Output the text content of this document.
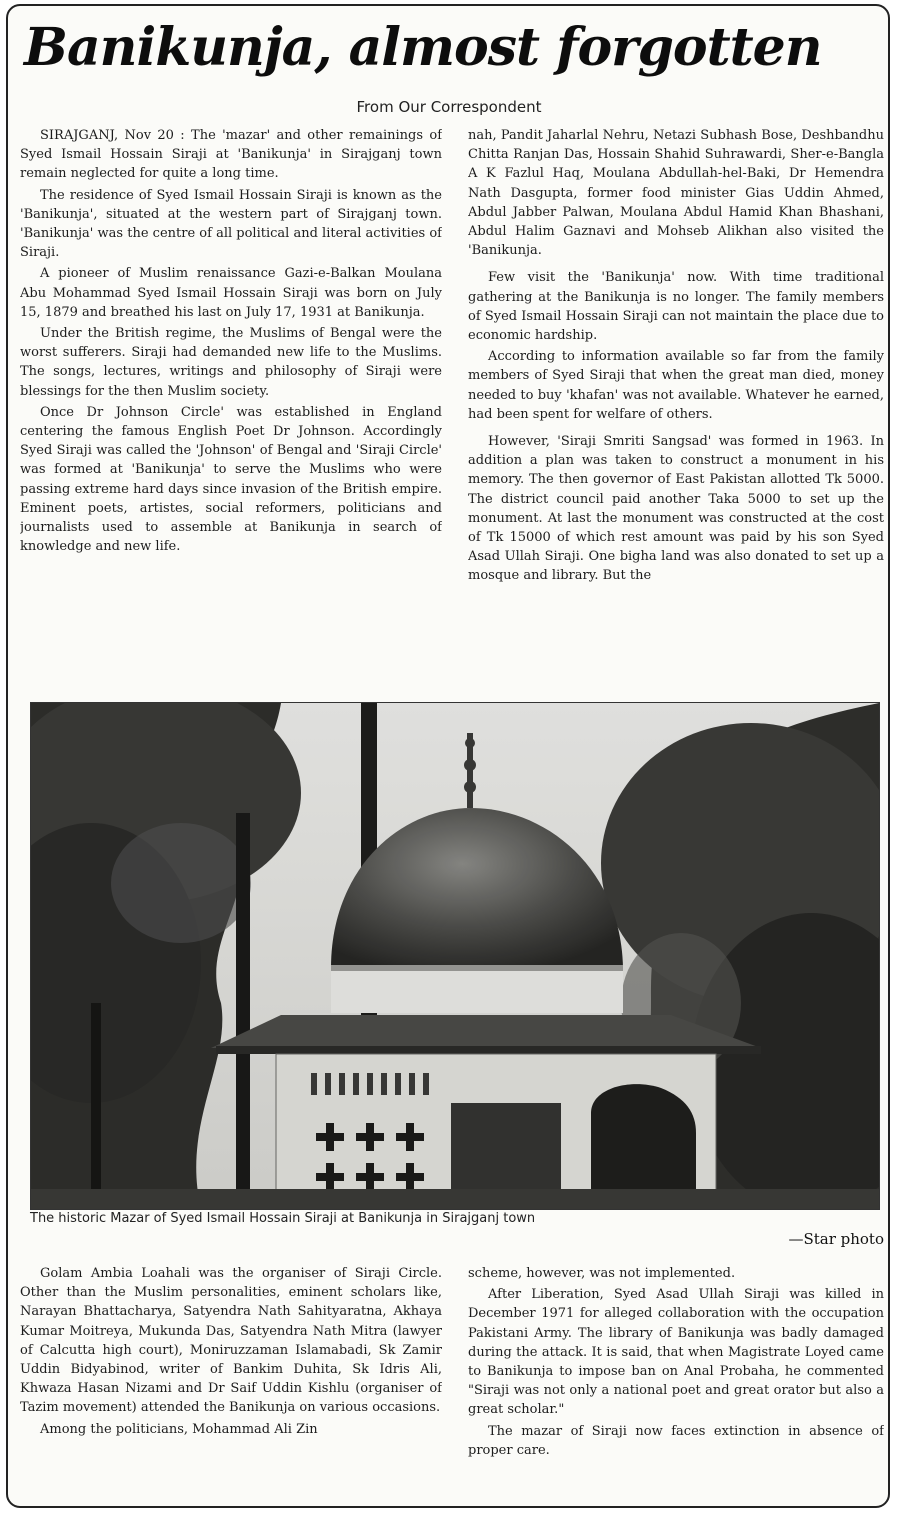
Banikunja, almost forgotten
From Our Correspondent

SIRAJGANJ, Nov 20 : The 'mazar' and other remainings of Syed Ismail Hossain Siraji at 'Banikunja' in Sirajganj town remain neglected for quite a long time.

The residence of Syed Ismail Hossain Siraji is known as the 'Banikunja', situated at the western part of Sirajganj town. 'Banikunja' was the centre of all political and literal activities of Siraji.

A pioneer of Muslim renaissance Gazi-e-Balkan Moulana Abu Mohammad Syed Ismail Hossain Siraji was born on July 15, 1879 and breathed his last on July 17, 1931 at Banikunja.

Under the British regime, the Muslims of Bengal were the worst sufferers. Siraji had demanded new life to the Muslims. The songs, lectures, writings and philosophy of Siraji were blessings for the then Muslim society.

Once Dr Johnson Circle' was established in England centering the famous English Poet Dr Johnson. Accordingly Syed Siraji was called the 'Johnson' of Bengal and 'Siraji Circle' was formed at 'Banikunja' to serve the Muslims who were passing extreme hard days since invasion of the British empire. Eminent poets, artistes, social reformers, politicians and journalists used to assemble at Banikunja in search of knowledge and new life.

nah, Pandit Jaharlal Nehru, Netazi Subhash Bose, Deshbandhu Chitta Ranjan Das, Hossain Shahid Suhrawardi, Sher-e-Bangla A K Fazlul Haq, Moulana Abdullah-hel-Baki, Dr Hemendra Nath Dasgupta, former food minister Gias Uddin Ahmed, Abdul Jabber Palwan, Moulana Abdul Hamid Khan Bhashani, Abdul Halim Gaznavi and Mohseb Alikhan also visited the 'Banikunja.

Few visit the 'Banikunja' now. With time traditional gathering at the Banikunja is no longer. The family members of Syed Ismail Hossain Siraji can not maintain the place due to economic hardship.

According to information available so far from the family members of Syed Siraji that when the great man died, money needed to buy 'khafan' was not available. Whatever he earned, had been spent for welfare of others.

However, 'Siraji Smriti Sangsad' was formed in 1963. In addition a plan was taken to construct a monument in his memory. The then governor of East Pakistan allotted Tk 5000. The district council paid another Taka 5000 to set up the monument. At last the monument was constructed at the cost of Tk 15000 of which rest amount was paid by his son Syed Asad Ullah Siraji. One bigha land was also donated to set up a mosque and library. But the

The historic Mazar of Syed Ismail Hossain Siraji at Banikunja in Sirajganj town
—Star photo

Golam Ambia Loahali was the organiser of Siraji Circle. Other than the Muslim personalities, eminent scholars like, Narayan Bhattacharya, Satyendra Nath Sahityaratna, Akhaya Kumar Moitreya, Mukunda Das, Satyendra Nath Mitra (lawyer of Calcutta high court), Moniruzzaman Islamabadi, Sk Zamir Uddin Bidyabinod, writer of Bankim Duhita, Sk Idris Ali, Khwaza Hasan Nizami and Dr Saif Uddin Kishlu (organiser of Tazim movement) attended the Banikunja on various occasions.

Among the politicians, Mohammad Ali Zin

scheme, however, was not implemented.

After Liberation, Syed Asad Ullah Siraji was killed in December 1971 for alleged collaboration with the occupation Pakistani Army. The library of Banikunja was badly damaged during the attack. It is said, that when Magistrate Loyed came to Banikunja to impose ban on Anal Probaha, he commented "Siraji was not only a national poet and great orator but also a great scholar."

The mazar of Siraji now faces extinction in absence of proper care.
